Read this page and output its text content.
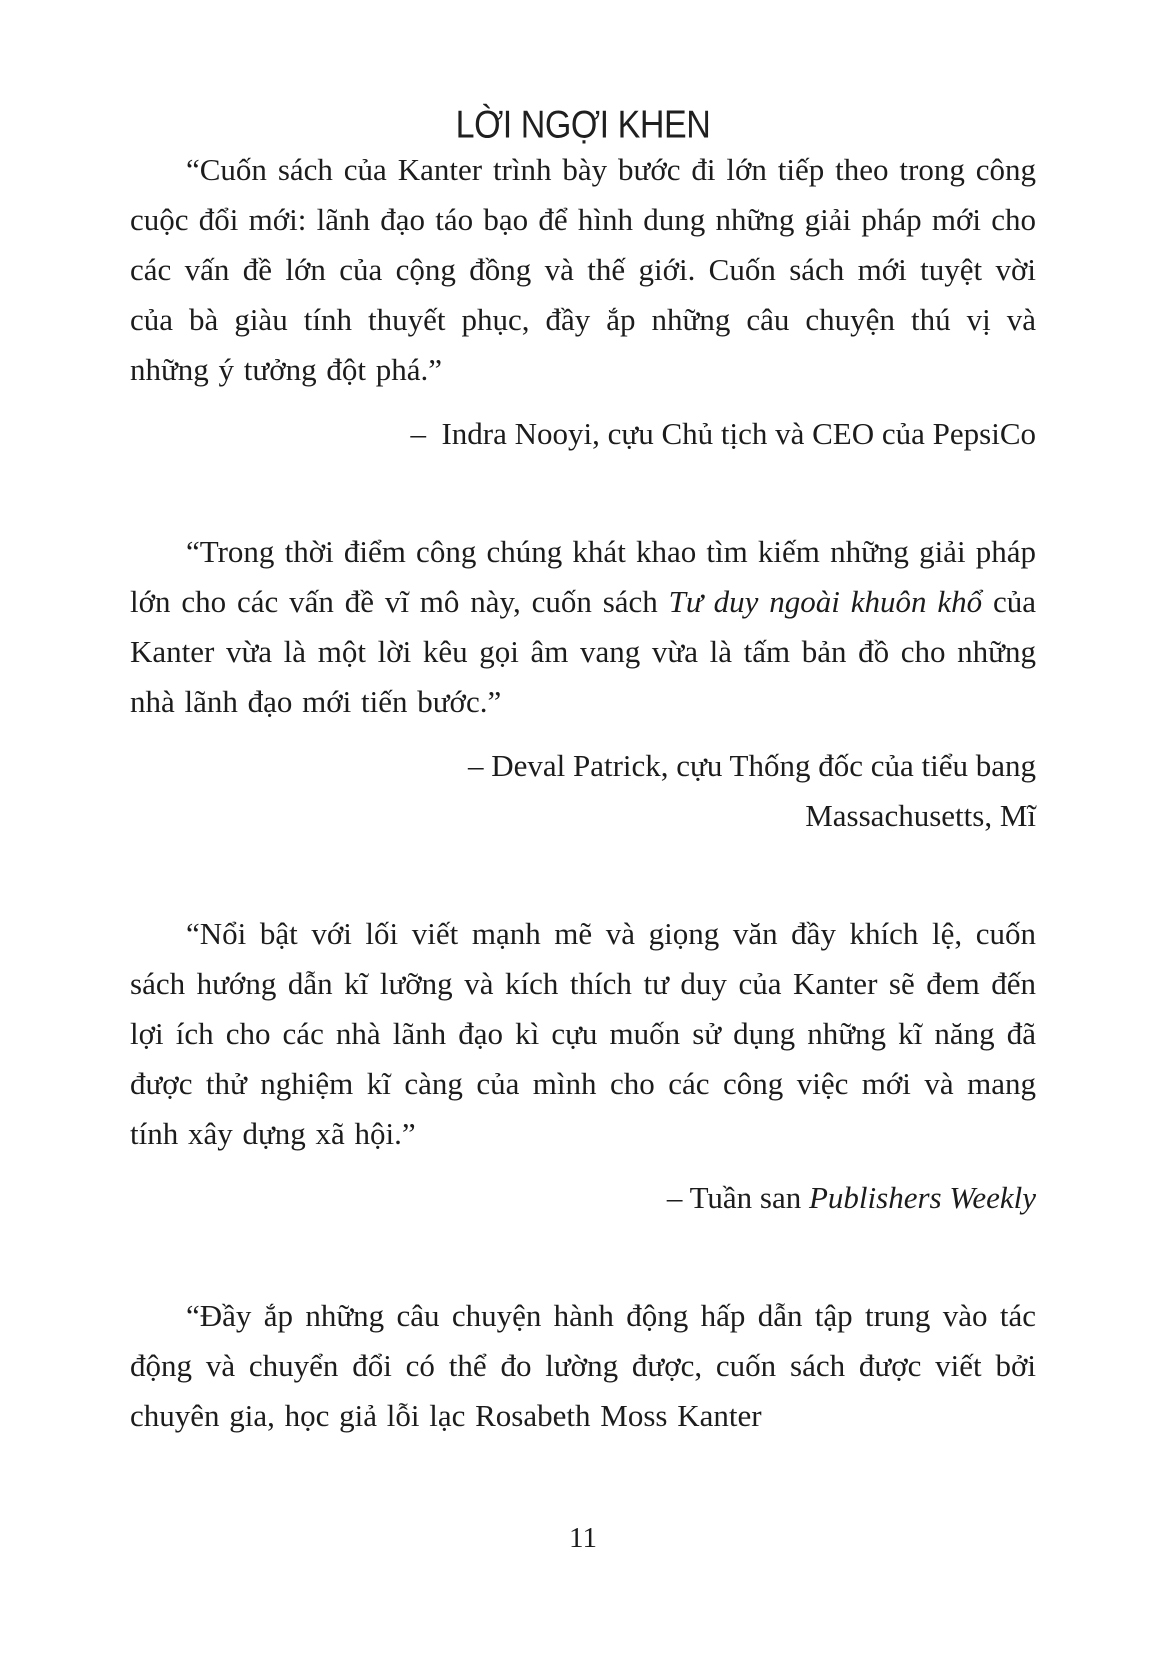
LỜI NGỢI KHEN

“Cuốn sách của Kanter trình bày bước đi lớn tiếp theo trong công cuộc đổi mới: lãnh đạo táo bạo để hình dung những giải pháp mới cho các vấn đề lớn của cộng đồng và thế giới. Cuốn sách mới tuyệt vời của bà giàu tính thuyết phục, đầy ắp những câu chuyện thú vị và những ý tưởng đột phá.”

–  Indra Nooyi, cựu Chủ tịch và CEO của PepsiCo

“Trong thời điểm công chúng khát khao tìm kiếm những giải pháp lớn cho các vấn đề vĩ mô này, cuốn sách Tư duy ngoài khuôn khổ của Kanter vừa là một lời kêu gọi âm vang vừa là tấm bản đồ cho những nhà lãnh đạo mới tiến bước.”

– Deval Patrick, cựu Thống đốc của tiểu bang
Massachusetts, Mĩ

“Nổi bật với lối viết mạnh mẽ và giọng văn đầy khích lệ, cuốn sách hướng dẫn kĩ lưỡng và kích thích tư duy của Kanter sẽ đem đến lợi ích cho các nhà lãnh đạo kì cựu muốn sử dụng những kĩ năng đã được thử nghiệm kĩ càng của mình cho các công việc mới và mang tính xây dựng xã hội.”

– Tuần san Publishers Weekly

“Đầy ắp những câu chuyện hành động hấp dẫn tập trung vào tác động và chuyển đổi có thể đo lường được, cuốn sách được viết bởi chuyên gia, học giả lỗi lạc Rosabeth Moss Kanter

11
